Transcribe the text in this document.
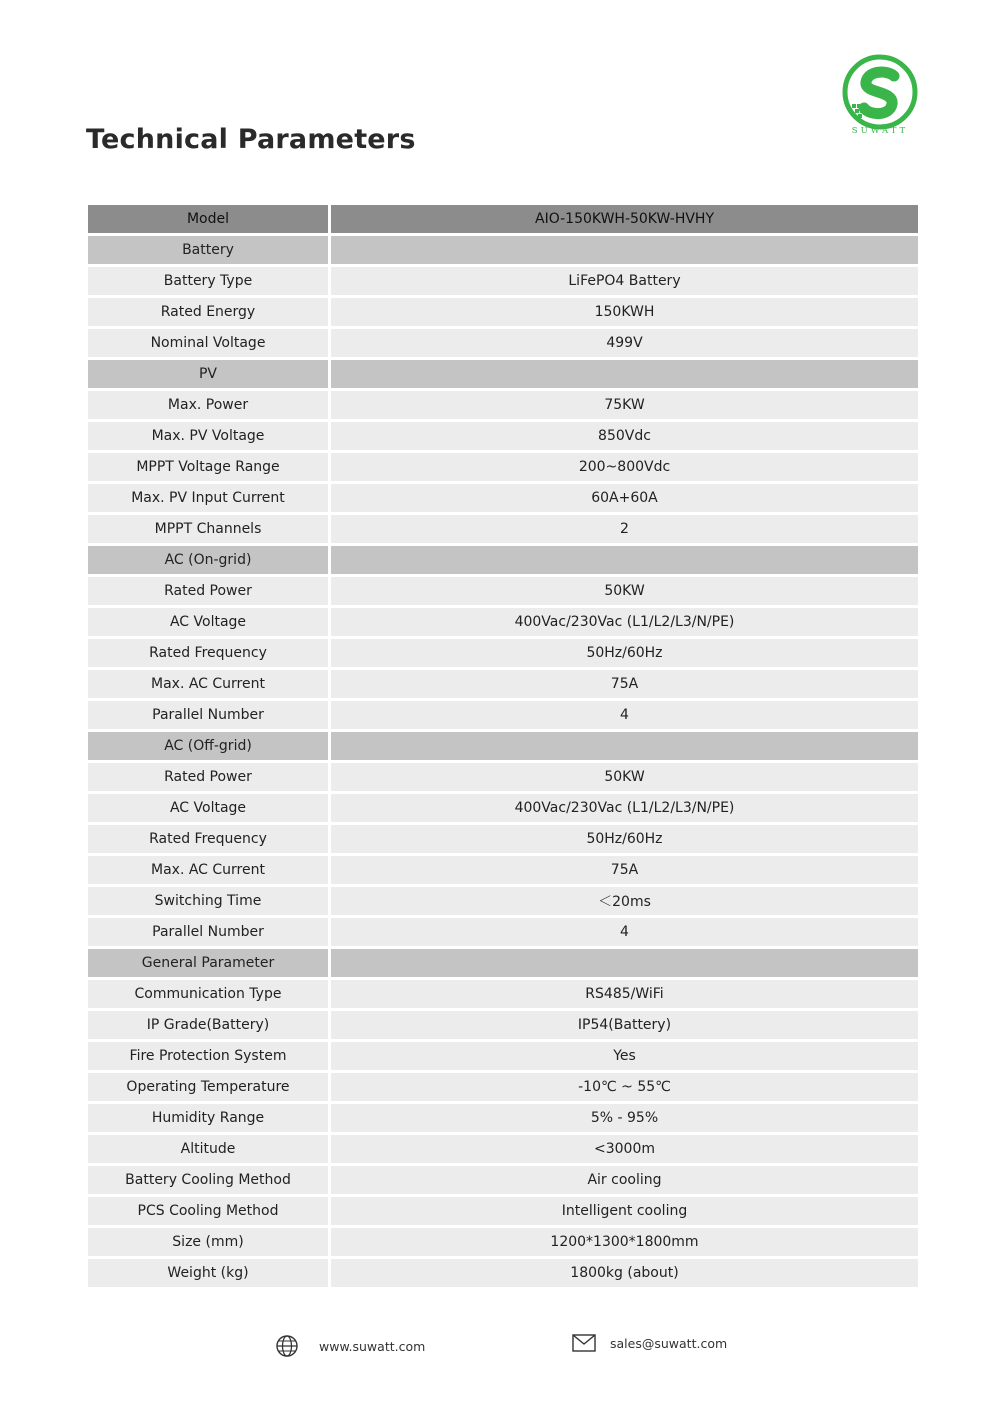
Technical Parameters	SUWATT
Model	AIO-150KWH-50KW-HVHY
Battery	
Battery Type	LiFePO4 Battery
Rated Energy	150KWH
Nominal Voltage	499V
PV	
Max. Power	75KW
Max. PV Voltage	850Vdc
MPPT Voltage Range	200~800Vdc
Max. PV Input Current	60A+60A
MPPT Channels	2
AC (On-grid)	
Rated Power	50KW
AC Voltage	400Vac/230Vac (L1/L2/L3/N/PE)
Rated Frequency	50Hz/60Hz
Max. AC Current	75A
Parallel Number	4
AC (Off-grid)	
Rated Power	50KW
AC Voltage	400Vac/230Vac (L1/L2/L3/N/PE)
Rated Frequency	50Hz/60Hz
Max. AC Current	75A
Switching Time	＜20ms
Parallel Number	4
General Parameter	
Communication Type	RS485/WiFi
IP Grade(Battery)	IP54(Battery)
Fire Protection System	Yes
Operating Temperature	-10℃ ~ 55℃
Humidity Range	5% - 95%
Altitude	<3000m
Battery Cooling Method	Air cooling
PCS Cooling Method	Intelligent cooling
Size (mm)	1200*1300*1800mm
Weight (kg)	1800kg (about)
www.suwatt.com	sales@suwatt.com
